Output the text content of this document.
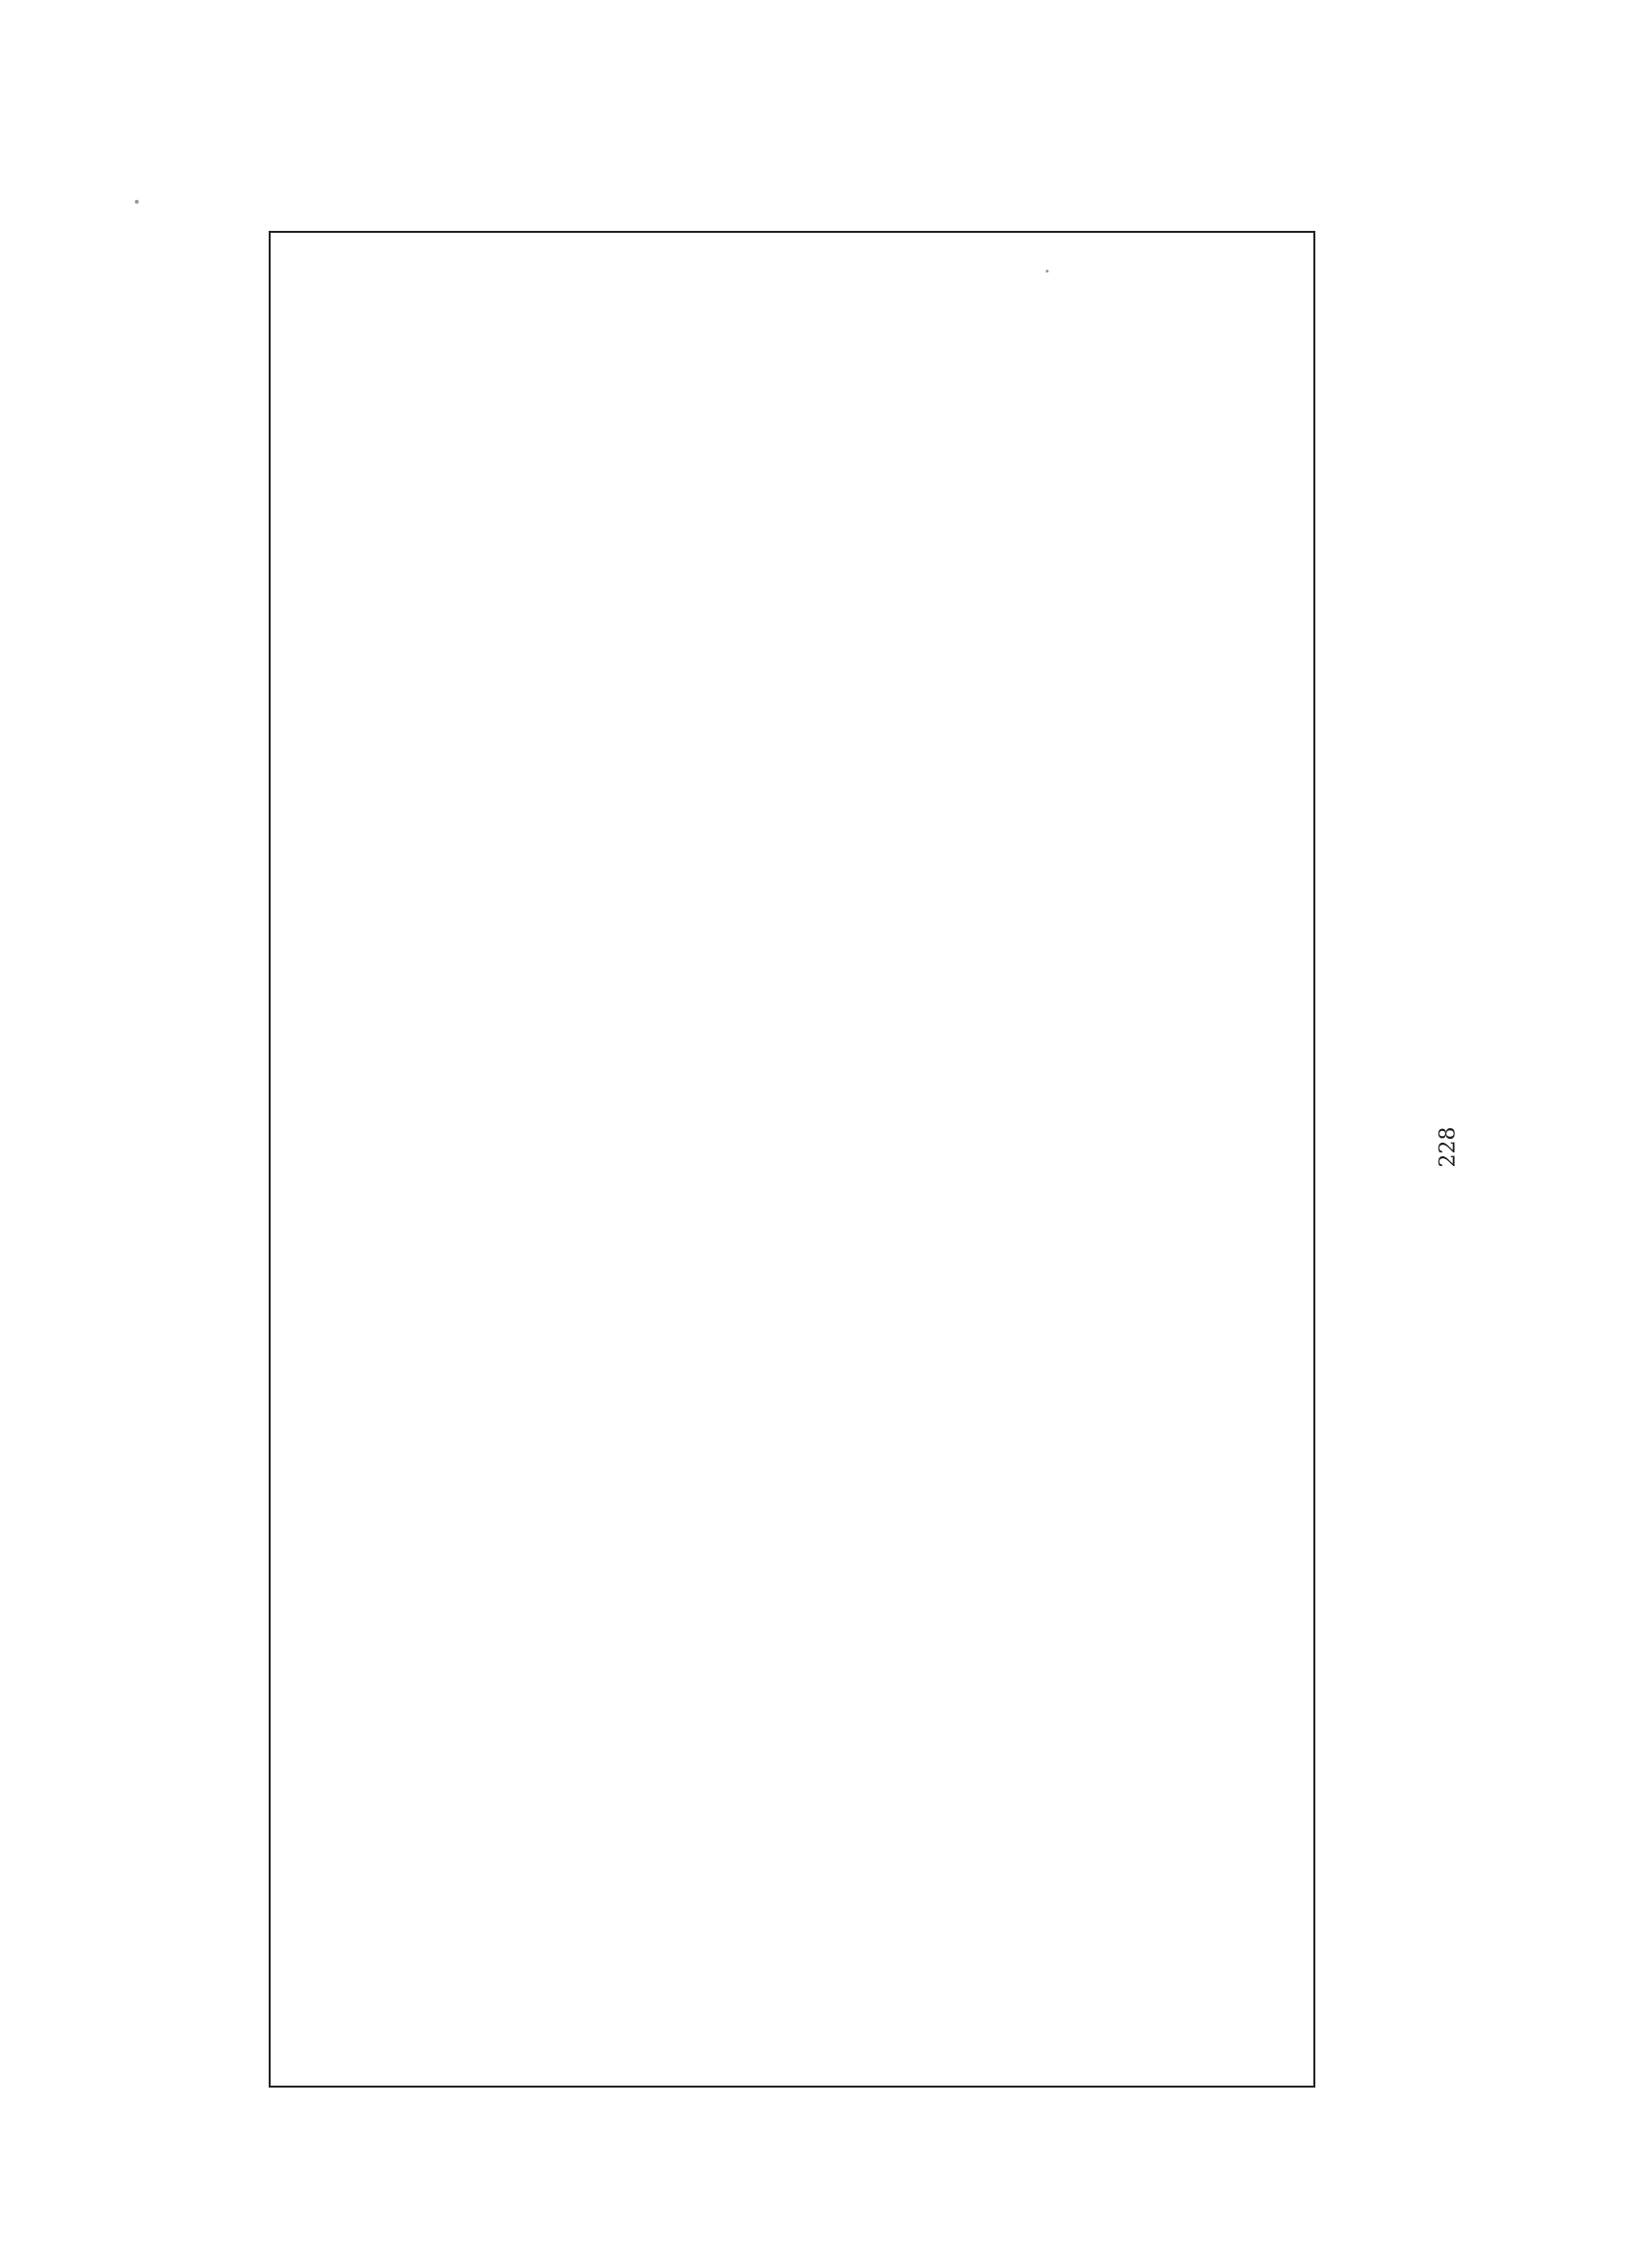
228
